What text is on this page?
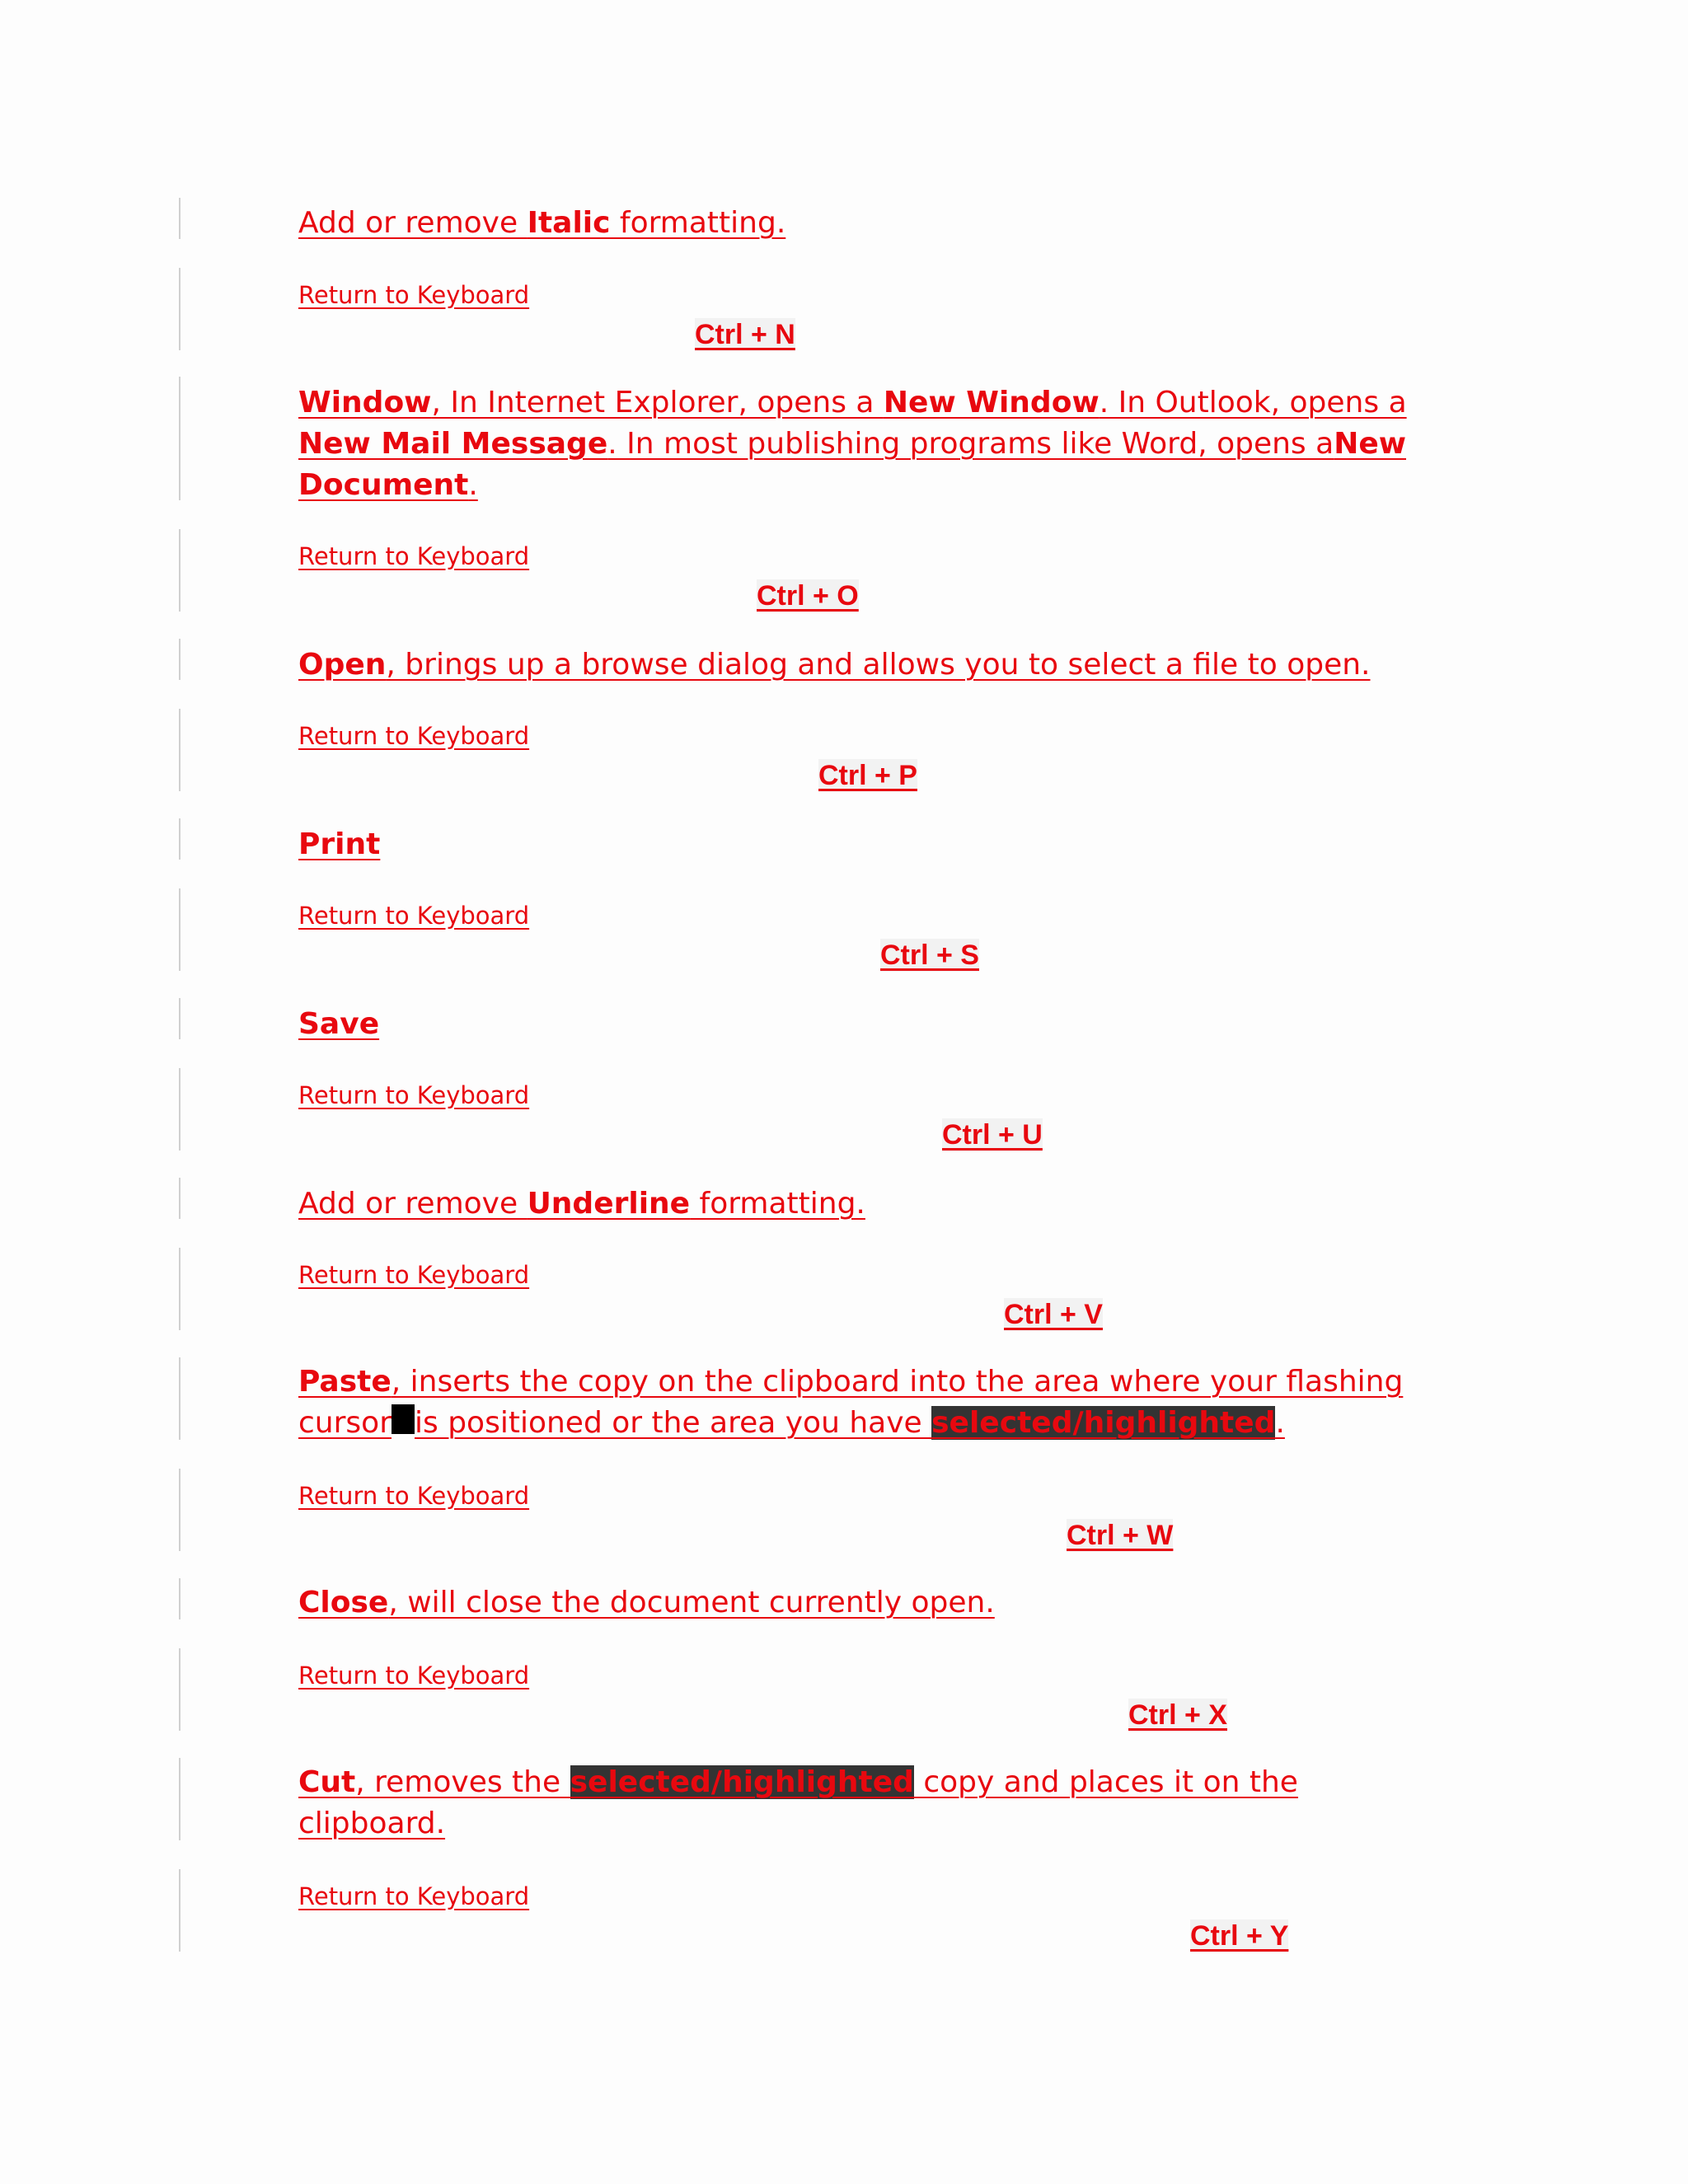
Add or remove Italic formatting.

Return to Keyboard
Ctrl + N

Window, In Internet Explorer, opens a New Window. In Outlook, opens a New Mail Message. In most publishing programs like Word, opens aNew Document.

Return to Keyboard
Ctrl + O

Open, brings up a browse dialog and allows you to select a file to open.

Return to Keyboard
Ctrl + P

Print

Return to Keyboard
Ctrl + S

Save

Return to Keyboard
Ctrl + U

Add or remove Underline formatting.

Return to Keyboard
Ctrl + V

Paste, inserts the copy on the clipboard into the area where your flashing cursor is positioned or the area you have selected/highlighted.

Return to Keyboard
Ctrl + W

Close, will close the document currently open.

Return to Keyboard
Ctrl + X

Cut, removes the selected/highlighted copy and places it on the clipboard.

Return to Keyboard
Ctrl + Y
